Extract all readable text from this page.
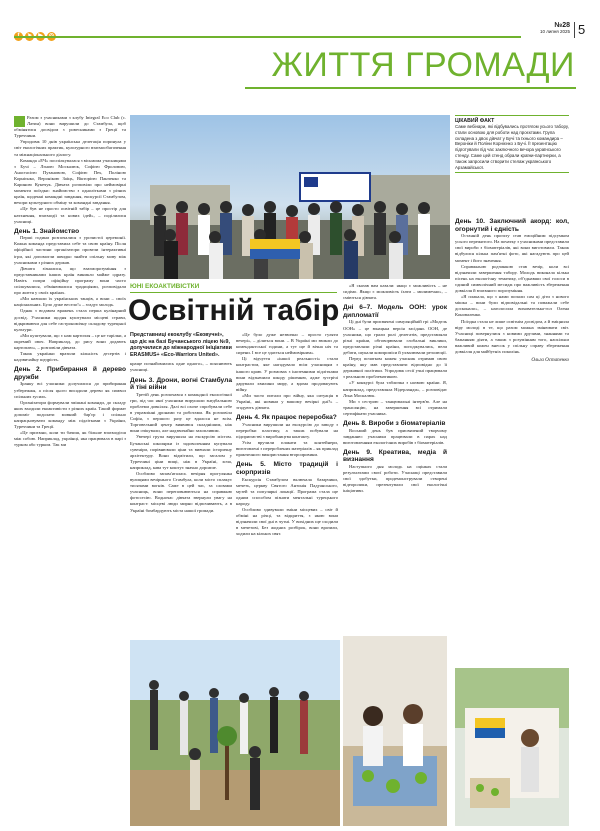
№28
10 липня 2025 5
ЖИТТЯ ГРОМАДИ

Разом з учасниками з клубу Integral Eco Club (с. Латин) вони вирушили до Стамбула, щоб обмінятися досвідом з ровесниками з Греції та Туреччини.

Упродовж 10 днів українська делегація поринула у світ екологічних практик, культурного взаємообагачення та міжнаціонального діалогу.

Команда «ЕЧ» поспілкувалася з вісьмома учасницями з Бучі – Лєною Москалюк, Софією Фроловою, Анастасією Пузановою, Софією Пех, Поліною Корнієнко, Веронікою Заїць, Вікторією Панченко та Кариною Кукечук. Дівчата розповіли про неймовірні моменти поїздки: знайомство з однолітками з різних країн, щоденні командні завдання, екскурсії Стамбулом, вечори культурного обміну та командні завдання.

«Це був не просто освітній табір – це простір для натхнення, взаємодії та нових ідей», – поділилися учасниці.

День 1. Знайомство

Перші години розпочалися з урочистої церемонії. Кожна команда представила себе та свою країну. Після офіційної частини організатори провели інтерактивні ігри, які допомогли швидко знайти спільну мову між учасниками з різних держав.

Дівчата зізналися, що взаєморозуміння з представниками інших країн виникло майже одразу. Навіть попри офіційну програму вони часто спілкувалися, обмінювалися традиціями, розповідали про життя у своїх країнах.

«Ми навчали їх українських танців, а вони – своїх національних. Було дуже весело!» – згадує молодь.

Однак з вєдавом вражень стала перша кулінарний досвід. Учасники щодня куштували місцеві страви, відкриваючи для себе гастрономічну складову турецької культури.

«Ми куштували, що є нам картопля – це не тарілки, а окремий овоч. Наприклад, до рису вони додають картоплю», – розповіли дівчата.

Також українки вразили кількість десертів і надзвичайну щедрість.

День 2. Прибирання й дерево дружби

Зранку всі учасники долучилися до прибирання узбережжя, а після цього висадили дерево як символ спільних зусиль.

Організатори формували змішані команди, до складу яких входили екоактивісти з різних країн. Такий формат допоміг подолати мовний бар'єр і спільно напрацьовувати команду між підлітками з України, Туреччини та Греції.

«Це приємно, коли ти бачиш, як більше взаємодієш між собою. Наприклад, українці, яка працювала в парі з турком або турком. Так ми

ЮНІ ЕКОАКТИВІСТКИ
Освітній табір
Представниці екоклубу «Ековучні», що діє на базі Бучанського ліцею №9, долучилися до міжнародної ініціативи ERASMUS+ «Eco-Warriors United».

краще познайомились одне одного», – пояснюють учасниці.

День 3. Дрони, вогні Стамбула й тіні війни

Третій день розпочався з командної екологічної гри, під час якої учасники вирушали знедбальною проблеми довкілля. Далі всі охоче спробували себе в управлінні дронами та роботами. Як розповіла Софія, з першого разу це вдалося не всім. Торговельний центр виявився складнішим, ніж вони очікували, але надзвичайно захопливим.

Увечері група вирушила на екскурсію містом. Бучанські школярки із задоволенням купували сувеніри, порівнювали ціни та вивчали історичну архітектуру. Вони відмітили, що загалом у Туреччині ціни вищі, ніж в Україні, хоча, наприклад, кава тут коштує значно дорожче.

Особливо запам'яталась вечірня прогулянка вулицями вечірнього Стамбула, коли місто сплакує тисячами вогнів. Саме в цей час, за словами учасниць, вони переповнюються на справжню фотосесію. Водночас дівчата звернули увагу на контраст: місцеві люди мирно відпочивають, а в Україні бомбардують міста нашої громади.

«Це було дуже незвично – просто гуляти вечері», – діляться вони. – В Україні ми звикли до комендантської години, а тут ще й вічна ніч та сирени. І все це здається неймовірним».

Ці відчуття «іншої реальності» стали контрастом, яке нагадувало всім учасницям з іншого краю. У розмовах з іноземними підлітками вони відзначили шкоду рішенню, адже зустрічі дарували хвилини миру, а вдома продовжують війну.

«Ми часто питали про війну, яка ситуація в Україні, які новини у вашому вечірні дні?» – згадують дівчата.

День 4. Як працює переробка?

Учасники вирушили на екскурсію до заводу з переробки пластику, а також побували на підприємстві з виробництва контакту.

Усім вручили плакати та контейнери, виготовлені з перероблених матеріалів – як приклад практичного використання вторсировини.

День 5. Місто традицій і сюрпризів

Екскурсія Стамбулом включала базарчики, мечеть, церкву Святого Антонія Падуанського, музей та популярні локації. Програма стала ще одним способом пізнати ментальні турецького народу.

Особливо здивували зміни місцевих – світ й обміні на річці, та відкриття, з якою вони відзначили свої дні в чутні. У вихідних ще сходили в мечетові, Без жодних розбірок, вони вразили, ходили на кількох свят.

«Я сказав вам казали: якщо є можливість – не сидімо. Якщо є можливість їхати – милимечно», – сміються дівчата.

Дні 6–7. Модель ООН: урок дипломатії

Ці дні були присвячені симуляційній грі «Модель ООН» – це юнацька версія засідань ООН, де учасники, що грали ролі делегатів, представляли різні країни, обговорювали глобальні виклики, представляли різні країни, погоджувались, вели дебати, шукали компроміси й ухвалювали резолюції.

Перед початком кожен учасник отримав свою країну, яку мав представляти відповідно до її державної політики. Упродовж сесії учні працювали з реальною проблематикою.

«У конкурсі була табличка з назвою країни. Я, наприклад, представляла Нідерланди», – розповідає Лєна Москалюк.

Ми з сестрою – танцювальні інтерв'ю. Але на трансляцію, на завершення всі отримали сертифікати учасника.

День 8. Вироби з біоматеріалів

Восьмий день був присвячений творчому завданню: учасники працювали в парах над виготовленням екологічних виробів з біоматеріалів.

День 9. Креатива, медіа й визнання

Наступного дня молодь на оцінках стали результатами своєї роботи. Учасниці представили свої здобутки, продемонстрували створені відеоролики, презентували свої екологічні ініціативи.

ЦІКАВИЙ ФАКТ
Саме вебінари, які відбувались протягом усього табору, стали основою для роботи над проєктами. Група складена з двох дівчат у Бучі та їхнього командира – Вероніки й Поліни Корнієнко з Бучі. Її презентацію підготували під час заключного вечора українського стенду. Саме цей стенд обрали країни-партнерки, а також запросили створити стелаж українського Арзамайської.
День 10. Заключний акорд: кол, огорнутий і єдність

Останній день проєкту став емоційним підсумком усього пережитого. На початку з учасниками представили свої вироби з біоматеріалів, які вони виготовили. Також відбулися кілька пам'ятні фото, які нагадують про цей момент і його значення.

Справжньою родзинкою став вечір, коли всі відзначили завершення табору. Молодь виконала кілька пісень на екологічну тематику, об'єднавши свої голоси в єдиний символічний месидж про важливість збереження довкілля й взаємного порозуміння.

«Я плакала, що з нами попали сам ці діти з нового мiшкa – вони були відповідальні та поважали себе досконало», – наголосила вихователька-гол Олена Коноваленко.

Поїздка стала не лише освітнім досвідом, а й зміцнила віру молоді в те, що разом можна змінювати світ. Учасниці повернулися з новими друзями, знаннями та бажанням діяти, а також з розумінням того, наскільки важливий кожен внесок у спільну справу збереження довкілля для майбутніх поколінь.

Ольга Остапенко
